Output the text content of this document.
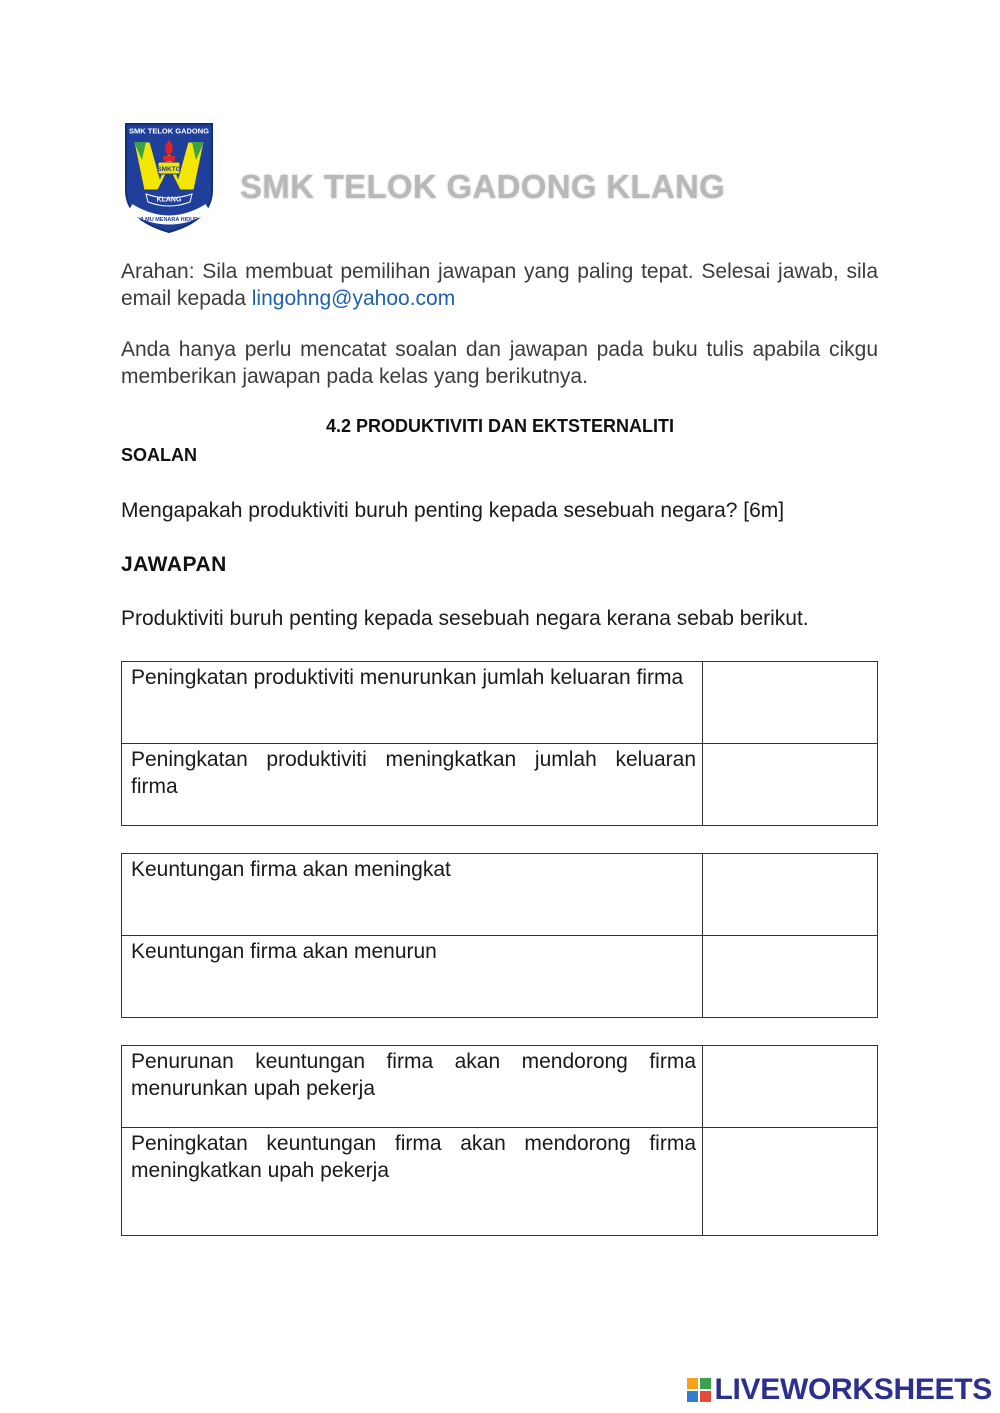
SMK TELOK GADONG
SMKTG
KLANG
ILMU MENARA HIDUP
SMK TELOK GADONG KLANG
Arahan: Sila membuat pemilihan jawapan yang paling tepat. Selesai jawab, sila email kepada lingohng@yahoo.com
Anda hanya perlu mencatat soalan dan jawapan pada buku tulis apabila cikgu memberikan jawapan pada kelas yang berikutnya.
4.2 PRODUKTIVITI DAN EKTSTERNALITI
SOALAN
Mengapakah produktiviti buruh penting kepada sesebuah negara? [6m]
JAWAPAN
Produktiviti buruh penting kepada sesebuah negara kerana sebab berikut.
Peningkatan produktiviti menurunkan jumlah keluaran firma	

Peningkatan produktiviti meningkatkan jumlah keluaran firma	

Keuntungan firma akan meningkat	

Keuntungan firma akan menurun	

Penurunan keuntungan firma akan mendorong firma menurunkan upah pekerja	

Peningkatan keuntungan firma akan mendorong firma meningkatkan upah pekerja	

LIVEWORKSHEETS
